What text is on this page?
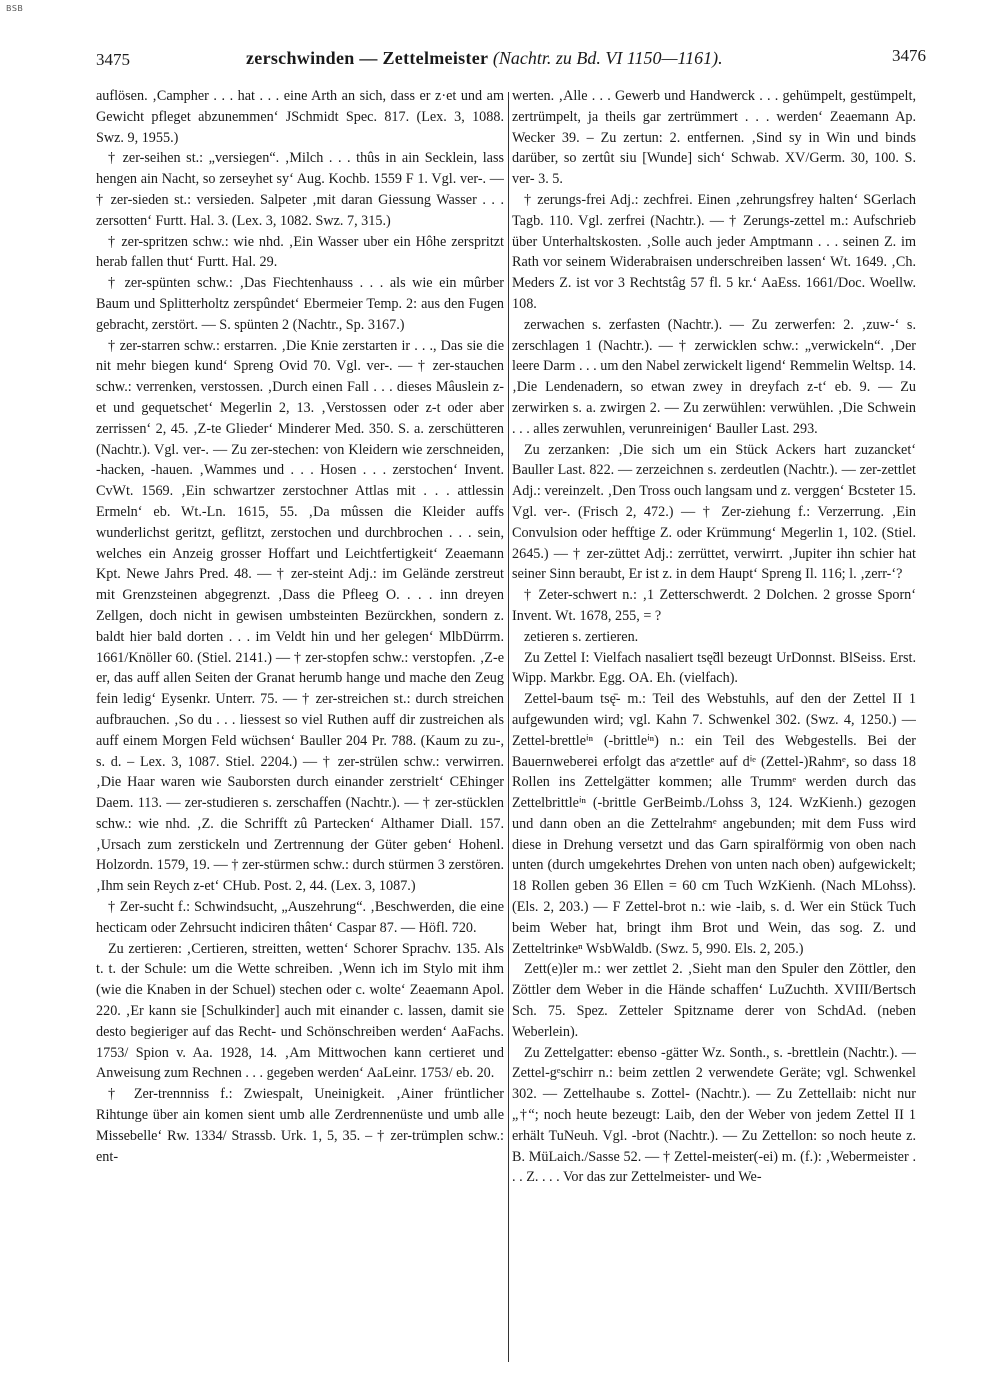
BSB
3475	zerschwinden — Zettelmeister (Nachtr. zu Bd. VI 1150—1161).	3476

auflösen. ‚Campher . . . hat . . . eine Arth an sich, dass er z·et und am Gewicht pfleget abzunemmen‘ JSchmidt Spec. 817. (Lex. 3, 1088. Swz. 9, 1955.)

† zer-seihen st.: „versiegen“. ‚Milch . . . thûs in ain Secklein, lass hengen ain Nacht, so zerseyhet sy‘ Aug. Kochb. 1559 F 1. Vgl. ver-. — † zer-sieden st.: versieden. Salpeter ‚mit daran Giessung Wasser . . . zersotten‘ Furtt. Hal. 3. (Lex. 3, 1082. Swz. 7, 315.)

† zer-spritzen schw.: wie nhd. ‚Ein Wasser uber ein Hôhe zerspritzt herab fallen thut‘ Furtt. Hal. 29.

† zer-spünten schw.: ‚Das Fiechtenhauss . . . als wie ein mûrber Baum und Splitterholtz zerspûndet‘ Ebermeier Temp. 2: aus den Fugen gebracht, zerstört. — S. spünten 2 (Nachtr., Sp. 3167.)

† zer-starren schw.: erstarren. ‚Die Knie zerstarten ir . . ., Das sie die nit mehr biegen kund‘ Spreng Ovid 70. Vgl. ver-. — † zer-stauchen schw.: verrenken, verstossen. ‚Durch einen Fall . . . dieses Mâuslein z-et und gequetschet‘ Megerlin 2, 13. ‚Verstossen oder z-t oder aber zerrissen‘ 2, 45. ‚Z-te Glieder‘ Minderer Med. 350. S. a. zerschütteren (Nachtr.). Vgl. ver-. — Zu zer-stechen: von Kleidern wie zerschneiden, -hacken, -hauen. ‚Wammes und . . . Hosen . . . zerstochen‘ Invent. CvWt. 1569. ‚Ein schwartzer zerstochner Attlas mit . . . attlessin Ermeln‘ eb. Wt.-Ln. 1615, 55. ‚Da mûssen die Kleider auffs wunderlichst geritzt, geflitzt, zerstochen und durchbrochen . . . sein, welches ein Anzeig grosser Hoffart und Leichtfertigkeit‘ Zeaemann Kpt. Newe Jahrs Pred. 48. — † zer-steint Adj.: im Gelände zerstreut mit Grenzsteinen abgegrenzt. ‚Dass die Pfleeg O. . . . inn dreyen Zellgen, doch nicht in gewisen umbsteinten Bezürckhen, sondern z. baldt hier bald dorten . . . im Veldt hin und her gelegen‘ MlbDürrm. 1661/Knöller 60. (Stiel. 2141.) — † zer-stopfen schw.: verstopfen. ‚Z-e er, das auff allen Seiten der Granat herumb hange und mache den Zeug fein ledig‘ Eysenkr. Unterr. 75. — † zer-streichen st.: durch streichen aufbrauchen. ‚So du . . . liessest so viel Ruthen auff dir zustreichen als auff einem Morgen Feld wüchsen‘ Bauller 204 Pr. 788. (Kaum zu zu-, s. d. – Lex. 3, 1087. Stiel. 2204.) — † zer-strülen schw.: verwirren. ‚Die Haar waren wie Sauborsten durch einander zerstrielt‘ CEhinger Daem. 113. — zer-studieren s. zerschaffen (Nachtr.). — † zer-stücklen schw.: wie nhd. ‚Z. die Schrifft zû Partecken‘ Althamer Diall. 157. ‚Ursach zum zerstickeln und Zertrennung der Güter geben‘ Hohenl. Holzordn. 1579, 19. — † zer-stürmen schw.: durch stürmen 3 zerstören. ‚Ihm sein Reych z-et‘ CHub. Post. 2, 44. (Lex. 3, 1087.)

† Zer-sucht f.: Schwindsucht, „Auszehrung“. ‚Beschwerden, die eine hecticam oder Zehrsucht indiciren thâten‘ Caspar 87. — Höfl. 720.

Zu zertieren: ‚Certieren, streitten, wetten‘ Schorer Sprachv. 135. Als t. t. der Schule: um die Wette schreiben. ‚Wenn ich im Stylo mit ihm (wie die Knaben in der Schuel) stechen oder c. wolte‘ Zeaemann Apol. 220. ‚Er kann sie [Schulkinder] auch mit einander c. lassen, damit sie desto begieriger auf das Recht- und Schönschreiben werden‘ AaFachs. 1753/ Spion v. Aa. 1928, 14. ‚Am Mittwochen kann certieret und Anweisung zum Rechnen . . . gegeben werden‘ AaLeinr. 1753/ eb. 20.

† Zer-trennniss f.: Zwiespalt, Uneinigkeit. ‚Ainer früntlicher Rihtunge über ain komen sient umb alle Zerdrennenüste und umb alle Missebelle‘ Rw. 1334/ Strassb. Urk. 1, 5, 35. – † zer-trümplen schw.: ent-

werten. ‚Alle . . . Gewerb und Handwerck . . . gehümpelt, gestümpelt, zertrümpelt, ja theils gar zertrümmert . . . werden‘ Zeaemann Ap. Wecker 39. – Zu zertun: 2. entfernen. ‚Sind sy in Win und binds darüber, so zertût siu [Wunde] sich‘ Schwab. XV/Germ. 30, 100. S. ver- 3. 5.

† zerungs-frei Adj.: zechfrei. Einen ‚zehrungsfrey halten‘ SGerlach Tagb. 110. Vgl. zerfrei (Nachtr.). — † Zerungs-zettel m.: Aufschrieb über Unterhaltskosten. ‚Solle auch jeder Amptmann . . . seinen Z. im Rath vor seinem Widerabraisen underschreiben lassen‘ Wt. 1649. ‚Ch. Meders Z. ist vor 3 Rechtstâg 57 fl. 5 kr.‘ AaEss. 1661/Doc. Woellw. 108.

zerwachen s. zerfasten (Nachtr.). — Zu zerwerfen: 2. ‚zuw-‘ s. zerschlagen 1 (Nachtr.). — † zerwicklen schw.: „verwickeln“. ‚Der leere Darm . . . um den Nabel zerwickelt ligend‘ Remmelin Weltsp. 14. ‚Die Lendenadern, so etwan zwey in dreyfach z-t‘ eb. 9. — Zu zerwirken s. a. zwirgen 2. — Zu zerwühlen: verwühlen. ‚Die Schwein . . . alles zerwuhlen, verunreinigen‘ Bauller Last. 293.

Zu zerzanken: ‚Die sich um ein Stück Ackers hart zuzancket‘ Bauller Last. 822. — zerzeichnen s. zerdeutlen (Nachtr.). — zer-zettlet Adj.: vereinzelt. ‚Den Tross ouch langsam und z. verggen‘ Bcsteter 15. Vgl. ver-. (Frisch 2, 472.) — † Zer-ziehung f.: Verzerrung. ‚Ein Convulsion oder hefftige Z. oder Krümmung‘ Megerlin 1, 102. (Stiel. 2645.) — † zer-züttet Adj.: zerrüttet, verwirrt. ‚Jupiter ihn schier hat seiner Sinn beraubt, Er ist z. in dem Haupt‘ Spreng Il. 116; l. ‚zerr-‘?

† Zeter-schwert n.: ‚1 Zetterschwerdt. 2 Dolchen. 2 grosse Sporn‘ Invent. Wt. 1678, 255, = ?

zetieren s. zertieren.

Zu Zettel I: Vielfach nasaliert tsę̃dl bezeugt UrDonnst. BlSeiss. Erst. Wipp. Markbr. Egg. OA. Eh. (vielfach).

Zettel-baum tsę̄- m.: Teil des Webstuhls, auf den der Zettel II 1 aufgewunden wird; vgl. Kahn 7. Schwenkel 302. (Swz. 4, 1250.) — Zettel-brettleⁱⁿ (-brittleⁱⁿ) n.: ein Teil des Webgestells. Bei der Bauernweberei erfolgt das aᵉzettleᵉ auf dⁱᵉ (Zettel-)Rahmᵉ, so dass 18 Rollen ins Zettelgätter kommen; alle Trummᵉ werden durch das Zettelbrittleⁱⁿ (-brittle GerBeimb./Lohss 3, 124. WzKienh.) gezogen und dann oben an die Zettelrahmᵉ angebunden; mit dem Fuss wird diese in Drehung versetzt und das Garn spiralförmig von oben nach unten (durch umgekehrtes Drehen von unten nach oben) aufgewickelt; 18 Rollen geben 36 Ellen = 60 cm Tuch WzKienh. (Nach MLohss). (Els. 2, 203.) — F Zettel-brot n.: wie -laib, s. d. Wer ein Stück Tuch beim Weber hat, bringt ihm Brot und Wein, das sog. Z. und Zetteltrinkeⁿ WsbWaldb. (Swz. 5, 990. Els. 2, 205.)

Zett(e)ler m.: wer zettlet 2. ‚Sieht man den Spuler den Zöttler, den Zöttler dem Weber in die Hände schaffen‘ LuZuchth. XVIII/Bertsch Sch. 75. Spez. Zetteler Spitzname derer von SchdAd. (neben Weberlein).

Zu Zettelgatter: ebenso -gätter Wz. Sonth., s. -brettlein (Nachtr.). — Zettel-gᵉschirr n.: beim zettlen 2 verwendete Geräte; vgl. Schwenkel 302. — Zettelhaube s. Zottel- (Nachtr.). — Zu Zettellaib: nicht nur „†“; noch heute bezeugt: Laib, den der Weber von jedem Zettel II 1 erhält TuNeuh. Vgl. -brot (Nachtr.). — Zu Zettellon: so noch heute z. B. MüLaich./Sasse 52. — † Zettel-meister(-ei) m. (f.): ‚Webermeister . . . Z. . . . Vor das zur Zettelmeister- und We-
